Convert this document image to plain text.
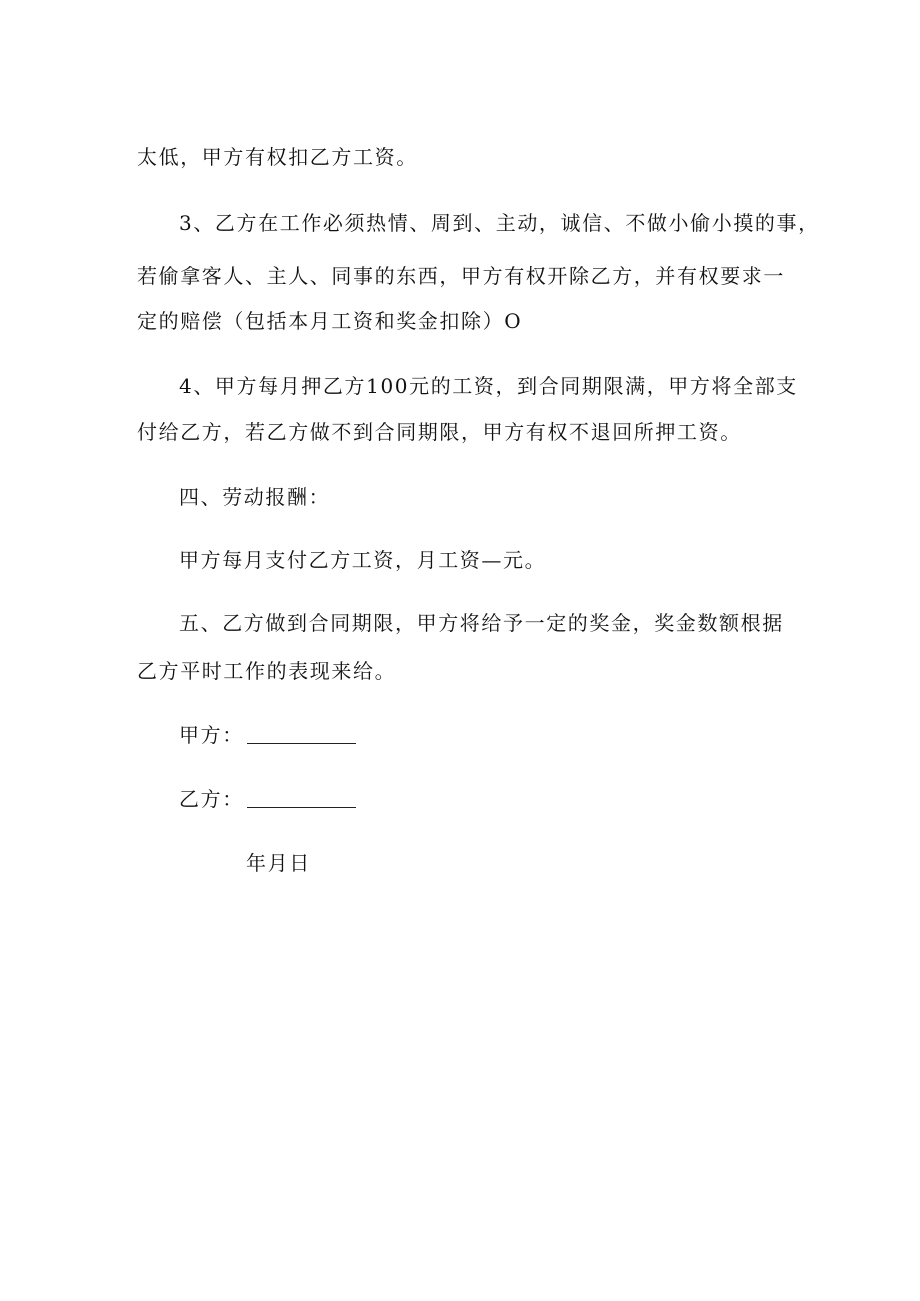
太低，甲方有权扣乙方工资。
3、乙方在工作必须热情、周到、主动，诚信、不做小偷小摸的事，
若偷拿客人、主人、同事的东西，甲方有权开除乙方，并有权要求一
定的赔偿（包括本月工资和奖金扣除）O
4、甲方每月押乙方100元的工资，到合同期限满，甲方将全部支
付给乙方，若乙方做不到合同期限，甲方有权不退回所押工资。
四、劳动报酬：
甲方每月支付乙方工资，月工资—元。
五、乙方做到合同期限，甲方将给予一定的奖金，奖金数额根据
乙方平时工作的表现来给。
甲方：
乙方：
年月日
